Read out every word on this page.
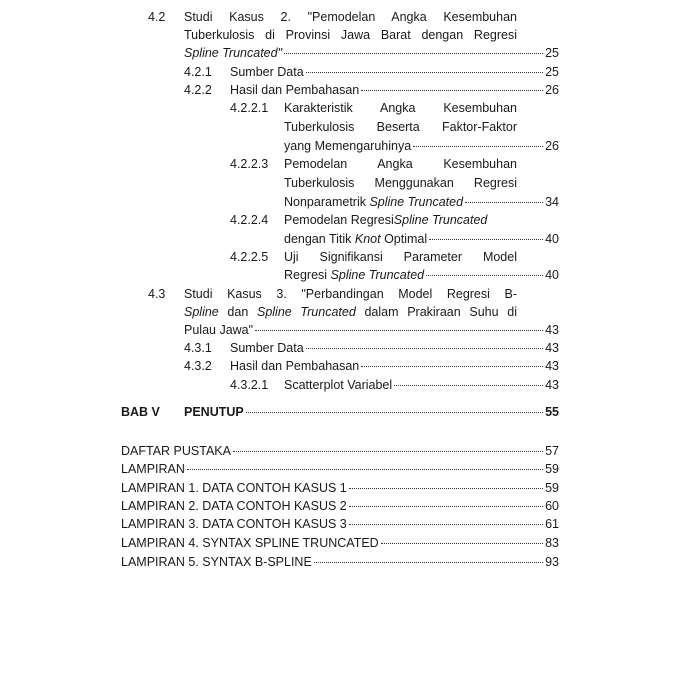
4.2 Studi Kasus 2. "Pemodelan Angka Kesembuhan
Tuberkulosis di Provinsi Jawa Barat dengan Regresi
Spline Truncated"	25
4.2.1 Sumber Data	25
4.2.2 Hasil dan Pembahasan	26
4.2.2.1 Karakteristik Angka Kesembuhan
Tuberkulosis Beserta Faktor-Faktor
yang Memengaruhinya	26
4.2.2.3 Pemodelan Angka Kesembuhan
Tuberkulosis Menggunakan Regresi
Nonparametrik Spline Truncated	34
4.2.2.4 Pemodelan Regresi Spline Truncated
dengan Titik Knot Optimal	40
4.2.2.5 Uji Signifikansi Parameter Model
Regresi Spline Truncated	40
4.3 Studi Kasus 3. "Perbandingan Model Regresi B-
Spline dan Spline Truncated dalam Prakiraan Suhu di
Pulau Jawa"	43
4.3.1 Sumber Data	43
4.3.2 Hasil dan Pembahasan	43
4.3.2.1 Scatterplot Variabel	43
BAB V PENUTUP	55
DAFTAR PUSTAKA	57
LAMPIRAN	59
LAMPIRAN 1. DATA CONTOH KASUS 1	59
LAMPIRAN 2. DATA CONTOH KASUS 2	60
LAMPIRAN 3. DATA CONTOH KASUS 3	61
LAMPIRAN 4. SYNTAX SPLINE TRUNCATED	83
LAMPIRAN 5. SYNTAX B-SPLINE	93
